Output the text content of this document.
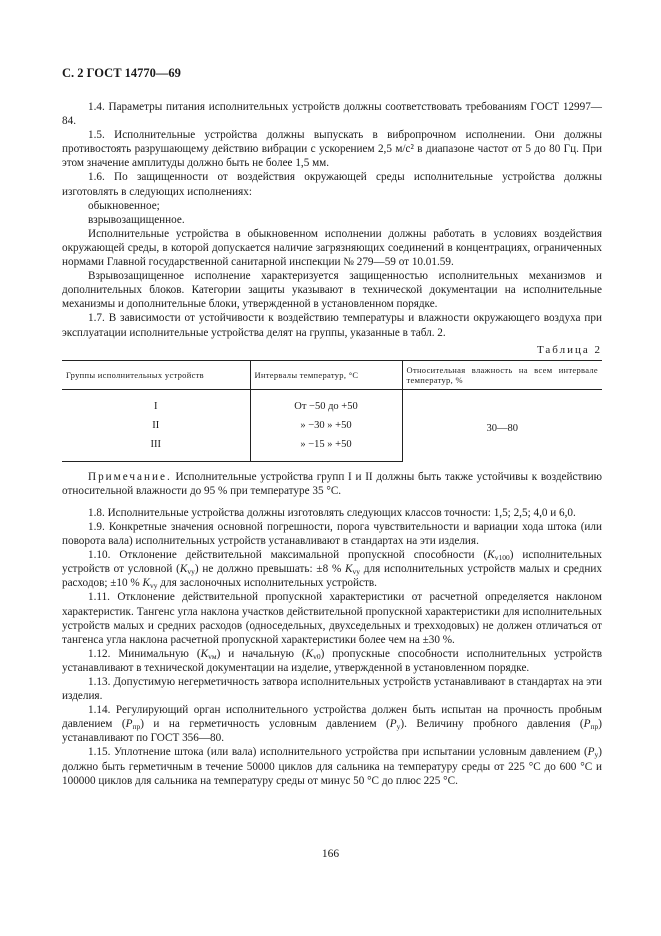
С. 2 ГОСТ 14770—69

1.4. Параметры питания исполнительных устройств должны соответствовать требованиям ГОСТ 12997—84.

1.5. Исполнительные устройства должны выпускать в вибропрочном исполнении. Они должны противостоять разрушающему действию вибрации с ускорением 2,5 м/с² в диапазоне частот от 5 до 80 Гц. При этом значение амплитуды должно быть не более 1,5 мм.

1.6. По защищенности от воздействия окружающей среды исполнительные устройства должны изготовлять в следующих исполнениях:

обыкновенное;

взрывозащищенное.

Исполнительные устройства в обыкновенном исполнении должны работать в условиях воздействия окружающей среды, в которой допускается наличие загрязняющих соединений в концентрациях, ограниченных нормами Главной государственной санитарной инспекции № 279—59 от 10.01.59.

Взрывозащищенное исполнение характеризуется защищенностью исполнительных механизмов и дополнительных блоков. Категории защиты указывают в технической документации на исполнительные механизмы и дополнительные блоки, утвержденной в установленном порядке.

1.7. В зависимости от устойчивости к воздействию температуры и влажности окружающего воздуха при эксплуатации исполнительные устройства делят на группы, указанные в табл. 2.

Таблица 2

Группы исполнительных устройств	Интервалы температур, °С	Относительная влажность на всем интервале температур, %
I	От −50 до +50	30—80
II	» −30 » +50	
III	» −15 » +50	

Примечание. Исполнительные устройства групп I и II должны быть также устойчивы к воздействию относительной влажности до 95 % при температуре 35 °С.

1.8. Исполнительные устройства должны изготовлять следующих классов точности: 1,5; 2,5; 4,0 и 6,0.

1.9. Конкретные значения основной погрешности, порога чувствительности и вариации хода штока (или поворота вала) исполнительных устройств устанавливают в стандартах на эти изделия.

1.10. Отклонение действительной максимальной пропускной способности $(K_{v100})$ исполнительных устройств от условной $(K_{vу})$ не должно превышать: ±8 % $K_{vу}$ для исполнительных устройств малых и средних расходов; ±10 % $K_{vу}$ для заслоночных исполнительных устройств.

1.11. Отклонение действительной пропускной характеристики от расчетной определяется наклоном характеристик. Тангенс угла наклона участков действительной пропускной характеристики для исполнительных устройств малых и средних расходов (односедельных, двухседельных и трехходовых) не должен отличаться от тангенса угла наклона расчетной пропускной характеристики более чем на ±30 %.

1.12. Минимальную $(K_{vм})$ и начальную $(K_{v0})$ пропускные способности исполнительных устройств устанавливают в технической документации на изделие, утвержденной в установленном порядке.

1.13. Допустимую негерметичность затвора исполнительных устройств устанавливают в стандартах на эти изделия.

1.14. Регулирующий орган исполнительного устройства должен быть испытан на прочность пробным давлением $(P_{пр})$ и на герметичность условным давлением $(P_у)$. Величину пробного давления $(P_{пр})$ устанавливают по ГОСТ 356—80.

1.15. Уплотнение штока (или вала) исполнительного устройства при испытании условным давлением $(P_у)$ должно быть герметичным в течение 50000 циклов для сальника на температуру среды от 225 °С до 600 °С и 100000 циклов для сальника на температуру среды от минус 50 °С до плюс 225 °С.

166
